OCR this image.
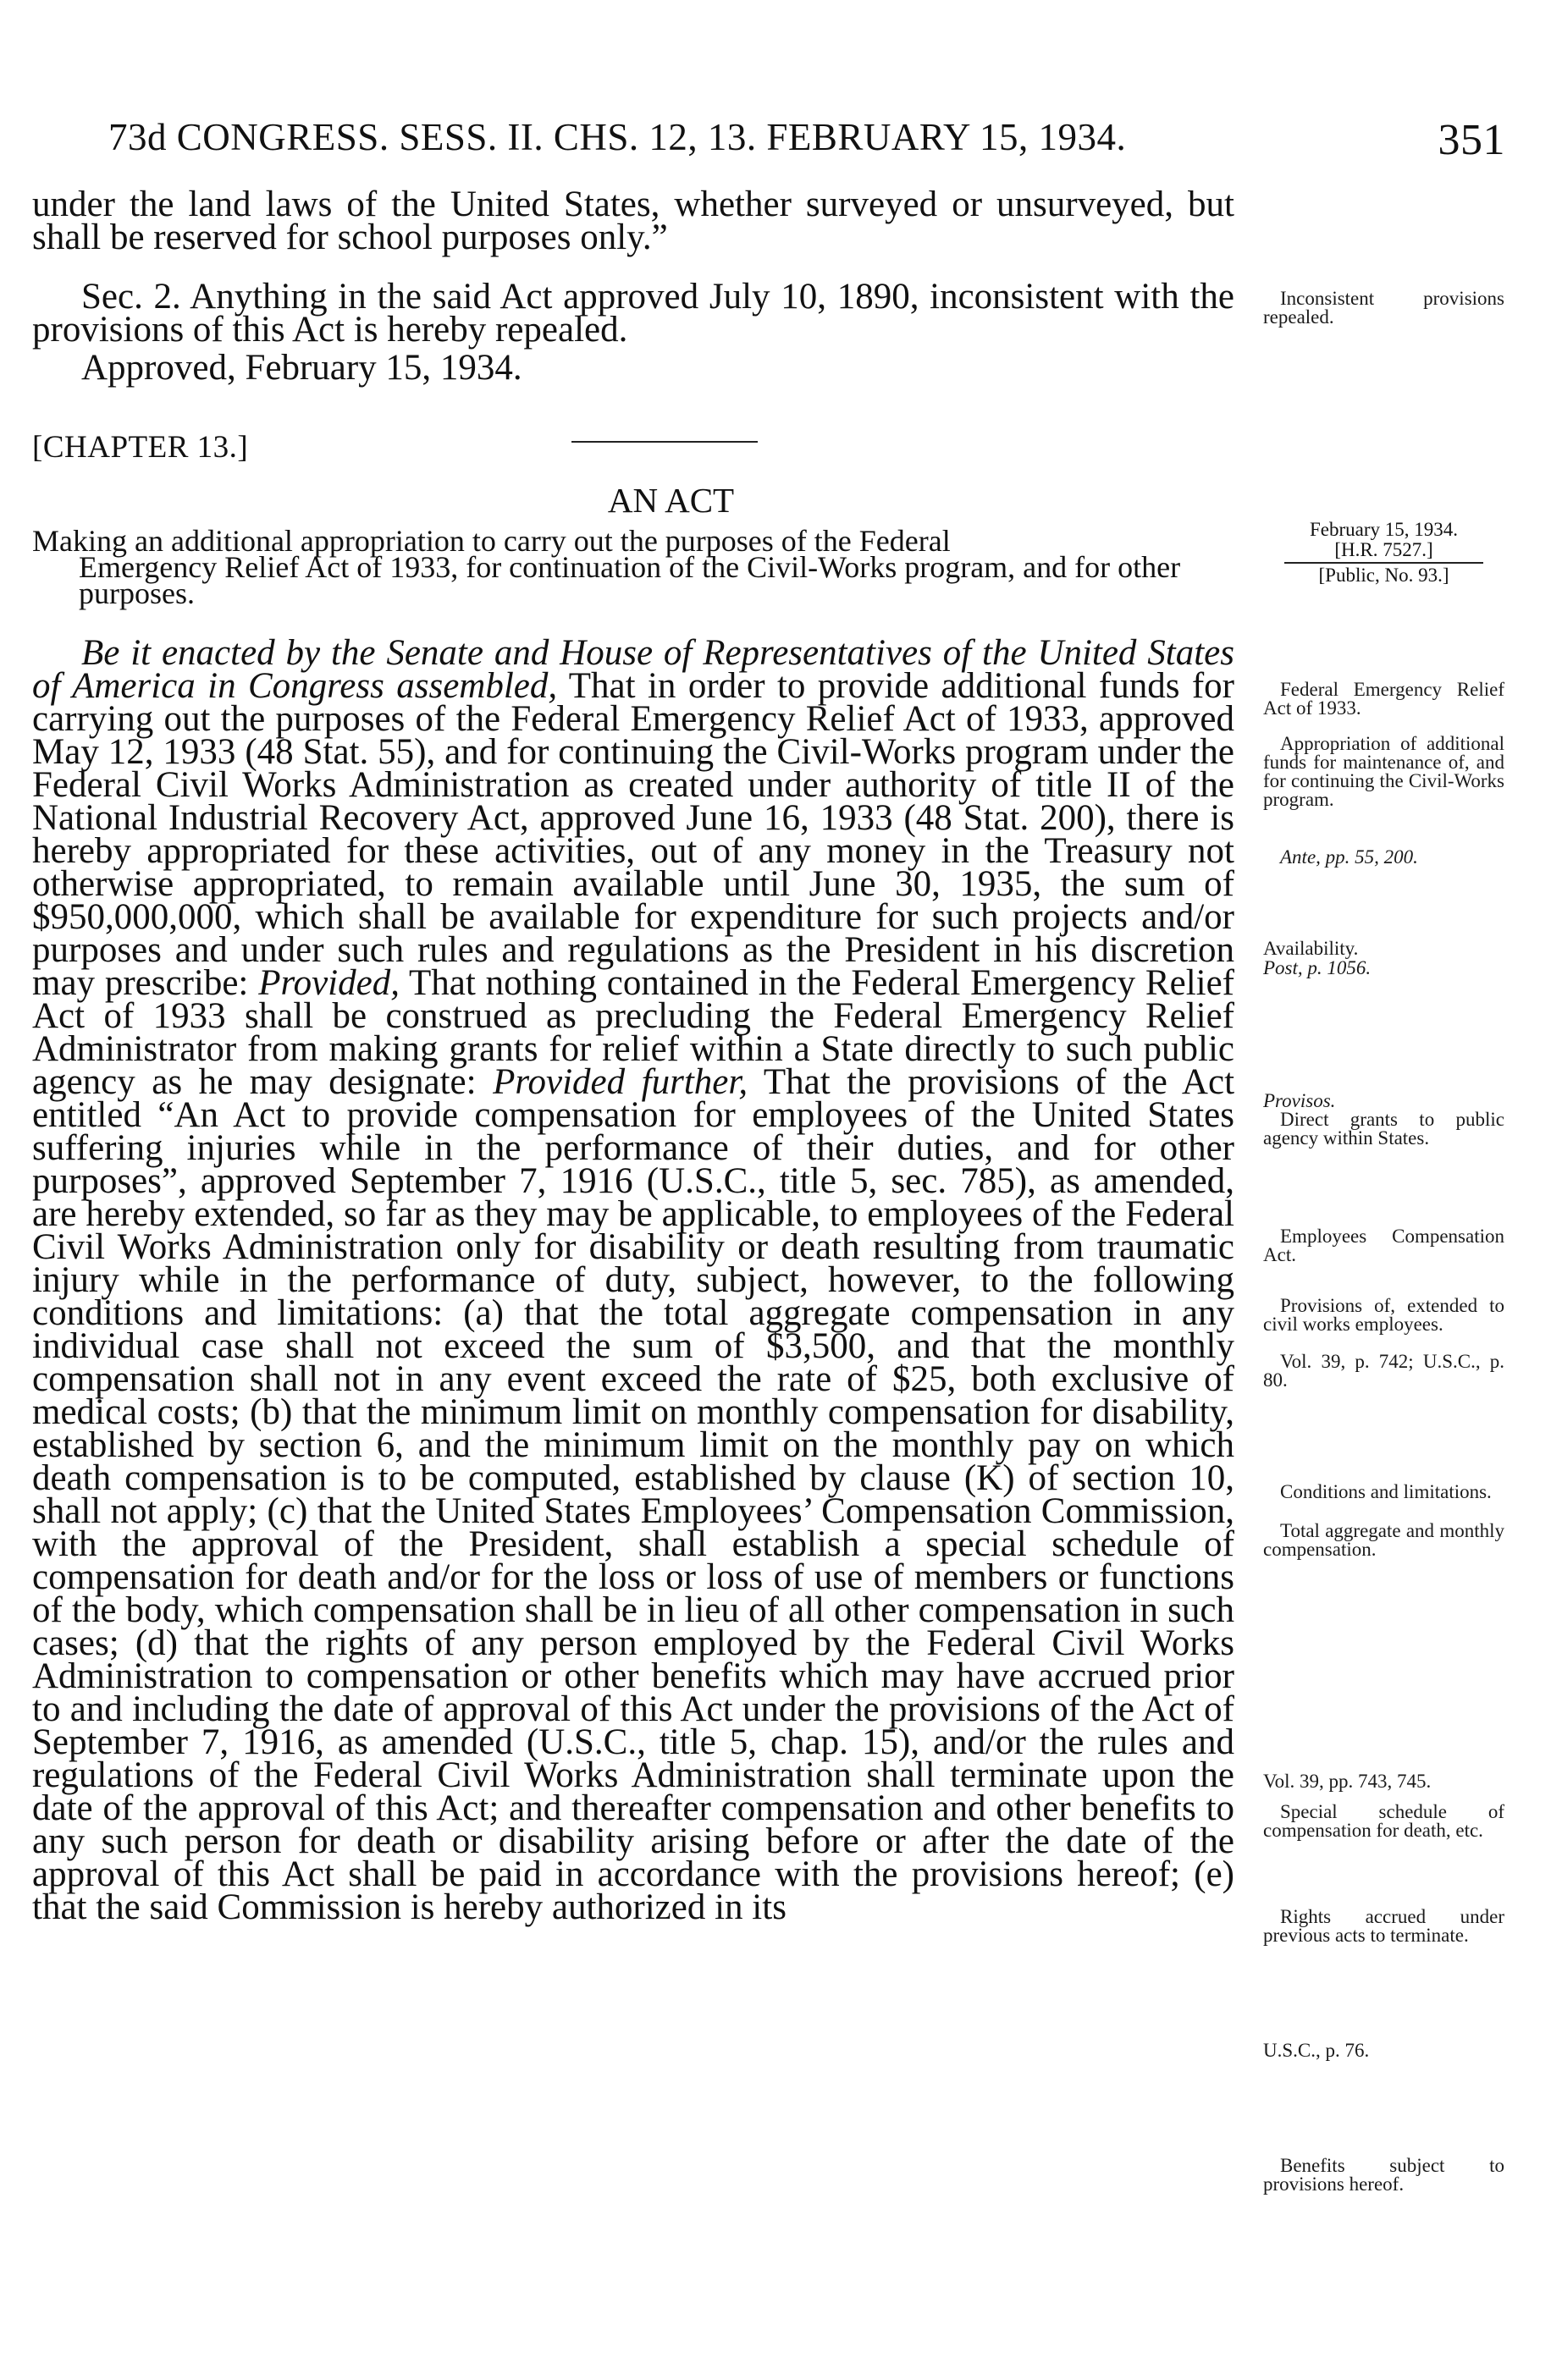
73d CONGRESS. SESS. II. CHS. 12, 13. FEBRUARY 15, 1934.	351

under the land laws of the United States, whether surveyed or unsurveyed, but shall be reserved for school purposes only.”

Sec. 2. Anything in the said Act approved July 10, 1890, inconsistent with the provisions of this Act is hereby repealed.

Approved, February 15, 1934.

Inconsistent provisions repealed.

[CHAPTER 13.]

AN ACT

February 15, 1934.
[H.R. 7527.]
[Public, No. 93.]

Making an additional appropriation to carry out the purposes of the Federal
Emergency Relief Act of 1933, for continuation of the Civil-Works program, and for other purposes.

Be it enacted by the Senate and House of Representatives of the United States of America in Congress assembled, That in order to provide additional funds for carrying out the purposes of the Federal Emergency Relief Act of 1933, approved May 12, 1933 (48 Stat. 55), and for continuing the Civil-Works program under the Federal Civil Works Administration as created under authority of title II of the National Industrial Recovery Act, approved June 16, 1933 (48 Stat. 200), there is hereby appropriated for these activities, out of any money in the Treasury not otherwise appropriated, to remain available until June 30, 1935, the sum of $950,000,000, which shall be available for expenditure for such projects and/or purposes and under such rules and regulations as the President in his discretion may prescribe: Provided, That nothing contained in the Federal Emergency Relief Act of 1933 shall be construed as precluding the Federal Emergency Relief Administrator from making grants for relief within a State directly to such public agency as he may designate: Provided further, That the provisions of the Act entitled “An Act to provide compensation for employees of the United States suffering injuries while in the performance of their duties, and for other purposes”, approved September 7, 1916 (U.S.C., title 5, sec. 785), as amended, are hereby extended, so far as they may be applicable, to employees of the Federal Civil Works Administration only for disability or death resulting from traumatic injury while in the performance of duty, subject, however, to the following conditions and limitations: (a) that the total aggregate compensation in any individual case shall not exceed the sum of $3,500, and that the monthly compensation shall not in any event exceed the rate of $25, both exclusive of medical costs; (b) that the minimum limit on monthly compensation for disability, established by section 6, and the minimum limit on the monthly pay on which death compensation is to be computed, established by clause (K) of section 10, shall not apply; (c) that the United States Employees’ Compensation Commission, with the approval of the President, shall establish a special schedule of compensation for death and/or for the loss or loss of use of members or functions of the body, which compensation shall be in lieu of all other compensation in such cases; (d) that the rights of any person employed by the Federal Civil Works Administration to compensation or other benefits which may have accrued prior to and including the date of approval of this Act under the provisions of the Act of September 7, 1916, as amended (U.S.C., title 5, chap. 15), and/or the rules and regulations of the Federal Civil Works Administration shall terminate upon the date of the approval of this Act; and thereafter compensation and other benefits to any such person for death or disability arising before or after the date of the approval of this Act shall be paid in accordance with the provisions hereof; (e) that the said Commission is hereby authorized in its

Federal Emergency Relief Act of 1933.

Appropriation of additional funds for maintenance of, and for continuing the Civil-Works program.

Ante, pp. 55, 200.

Availability.

Post, p. 1056.

Provisos.

Direct grants to public agency within States.

Employees Compensation Act.

Provisions of, extended to civil works employees.

Vol. 39, p. 742; U.S.C., p. 80.

Conditions and limitations.

Total aggregate and monthly compensation.

Vol. 39, pp. 743, 745.

Special schedule of compensation for death, etc.

Rights accrued under previous acts to terminate.

U.S.C., p. 76.

Benefits subject to provisions hereof.
